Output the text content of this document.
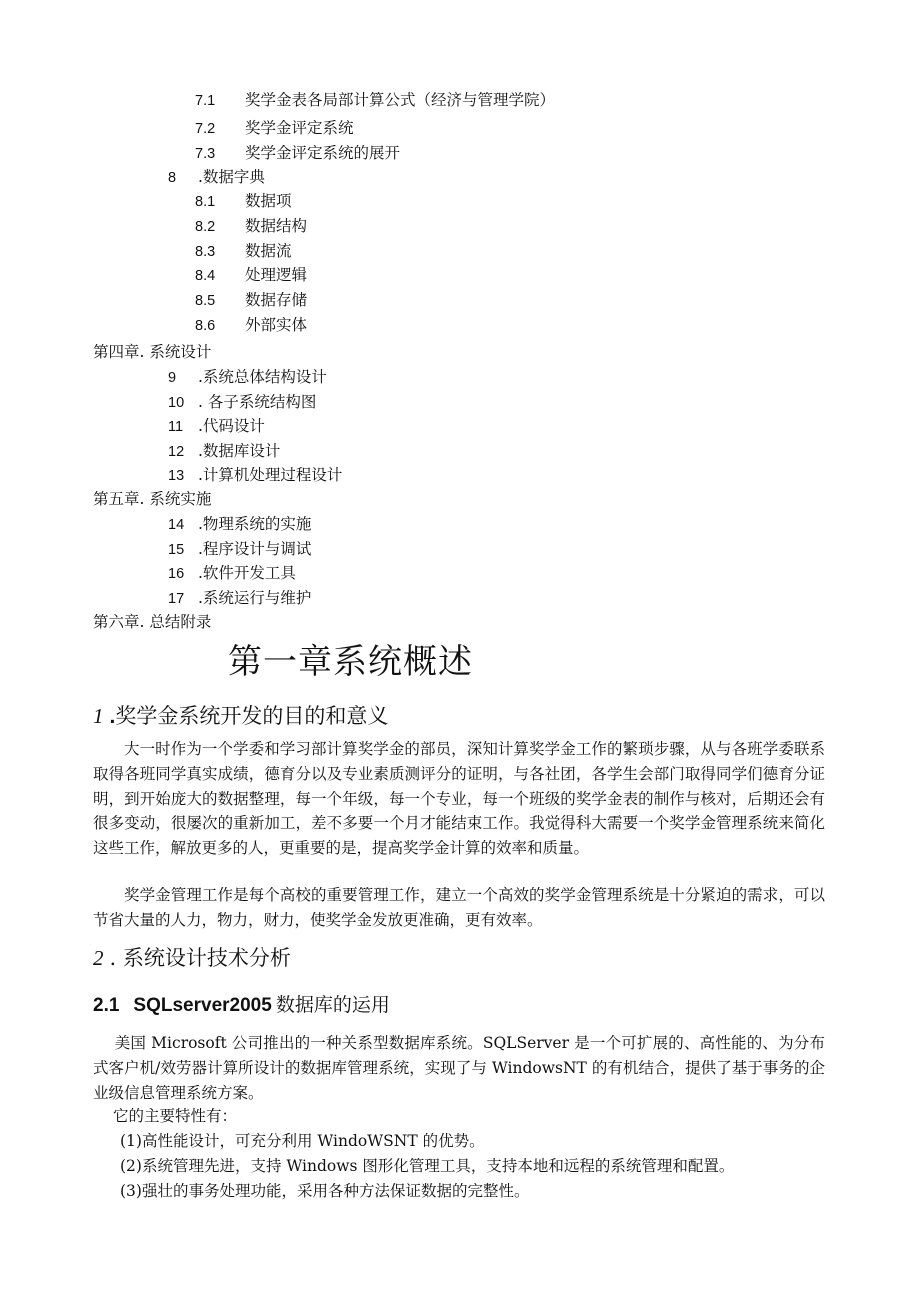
7.1 奖学金表各局部计算公式（经济与管理学院）
7.2 奖学金评定系统
7.3 奖学金评定系统的展开
8 .数据字典
8.1 数据项
8.2 数据结构
8.3 数据流
8.4 处理逻辑
8.5 数据存储
8.6 外部实体
第四章. 系统设计
9 .系统总体结构设计
10 . 各子系统结构图
11 .代码设计
12 .数据库设计
13 .计算机处理过程设计
第五章. 系统实施
14 .物理系统的实施
15 .程序设计与调试
16 .软件开发工具
17 .系统运行与维护
第六章. 总结附录
第一章系统概述
1 .奖学金系统开发的目的和意义

大一时作为一个学委和学习部计算奖学金的部员，深知计算奖学金工作的繁琐步骤，从与各班学委联系取得各班同学真实成绩，德育分以及专业素质测评分的证明，与各社团，各学生会部门取得同学们德育分证明，到开始庞大的数据整理，每一个年级，每一个专业，每一个班级的奖学金表的制作与核对，后期还会有很多变动，很屡次的重新加工，差不多要一个月才能结束工作。我觉得科大需要一个奖学金管理系统来简化这些工作，解放更多的人，更重要的是，提高奖学金计算的效率和质量。

奖学金管理工作是每个高校的重要管理工作，建立一个高效的奖学金管理系统是十分紧迫的需求，可以节省大量的人力，物力，财力，使奖学金发放更准确，更有效率。

2 . 系统设计技术分析
2.1 SQLserver2005 数据库的运用

美国 Microsoft 公司推出的一种关系型数据库系统。SQLServer 是一个可扩展的、高性能的、为分布式客户机/效劳器计算所设计的数据库管理系统，实现了与 WindowsNT 的有机结合，提供了基于事务的企业级信息管理系统方案。

它的主要特性有：
(1)高性能设计，可充分利用 WindoWSNT 的优势。
(2)系统管理先进，支持 Windows 图形化管理工具，支持本地和远程的系统管理和配置。
(3)强壮的事务处理功能，采用各种方法保证数据的完整性。
